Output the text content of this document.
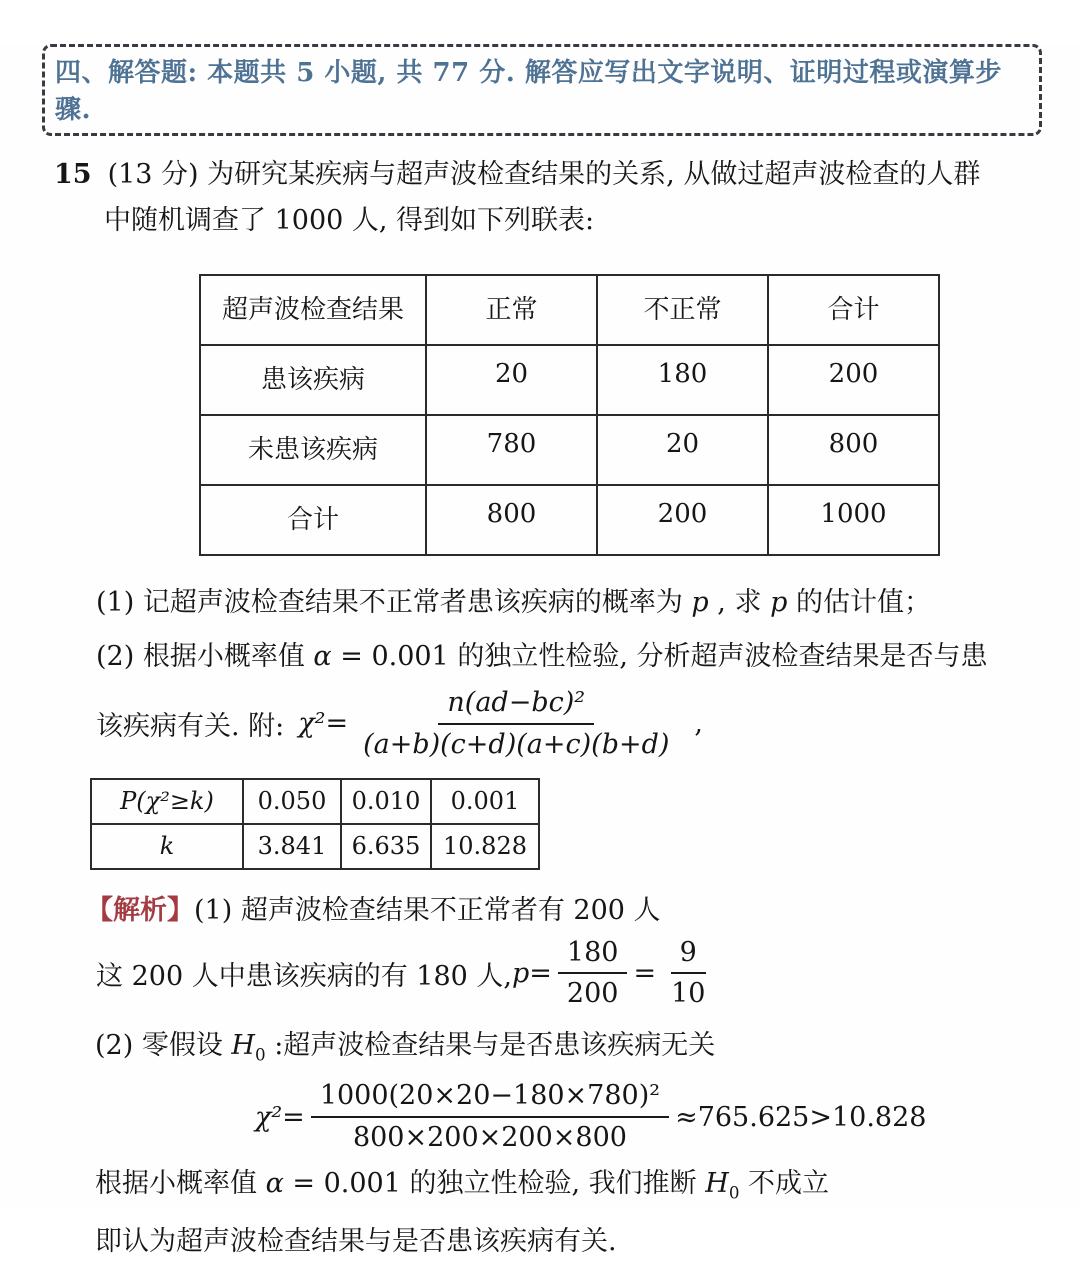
四、解答题: 本题共 5 小题, 共 77 分. 解答应写出文字说明、证明过程或演算步骤.
15 (13 分) 为研究某疾病与超声波检查结果的关系, 从做过超声波检查的人群
中随机调查了 1000 人, 得到如下列联表:
超声波检查结果	正常	不正常	合计
患该疾病	20	180	200
未患该疾病	780	20	800
合计	800	200	1000
(1) 记超声波检查结果不正常者患该疾病的概率为 p , 求 p 的估计值；
(2) 根据小概率值 α = 0.001 的独立性检验, 分析超声波检查结果是否与患
该疾病有关. 附: $\chi^2= \frac{\text{n(ad−bc)²}}{(a+b)(c+d)(a+c)(b+d)}$ ,
P(χ²≥k)	0.050	0.010	0.001
k	3.841	6.635	10.828
【解析】(1) 超声波检查结果不正常者有 200 人
这 200 人中患该疾病的有 180 人, $p = \frac{180}{200} = \frac{9}{10}$
(2) 零假设 $H_0$ :超声波检查结果与是否患该疾病无关
$\chi^2= \frac{\text{1000(20×20−180×780)²}}{800\times 200\times 200\times 800} \approx 765.625>10.828$
根据小概率值 α = 0.001 的独立性检验, 我们推断 $H_0$ 不成立
即认为超声波检查结果与是否患该疾病有关.
